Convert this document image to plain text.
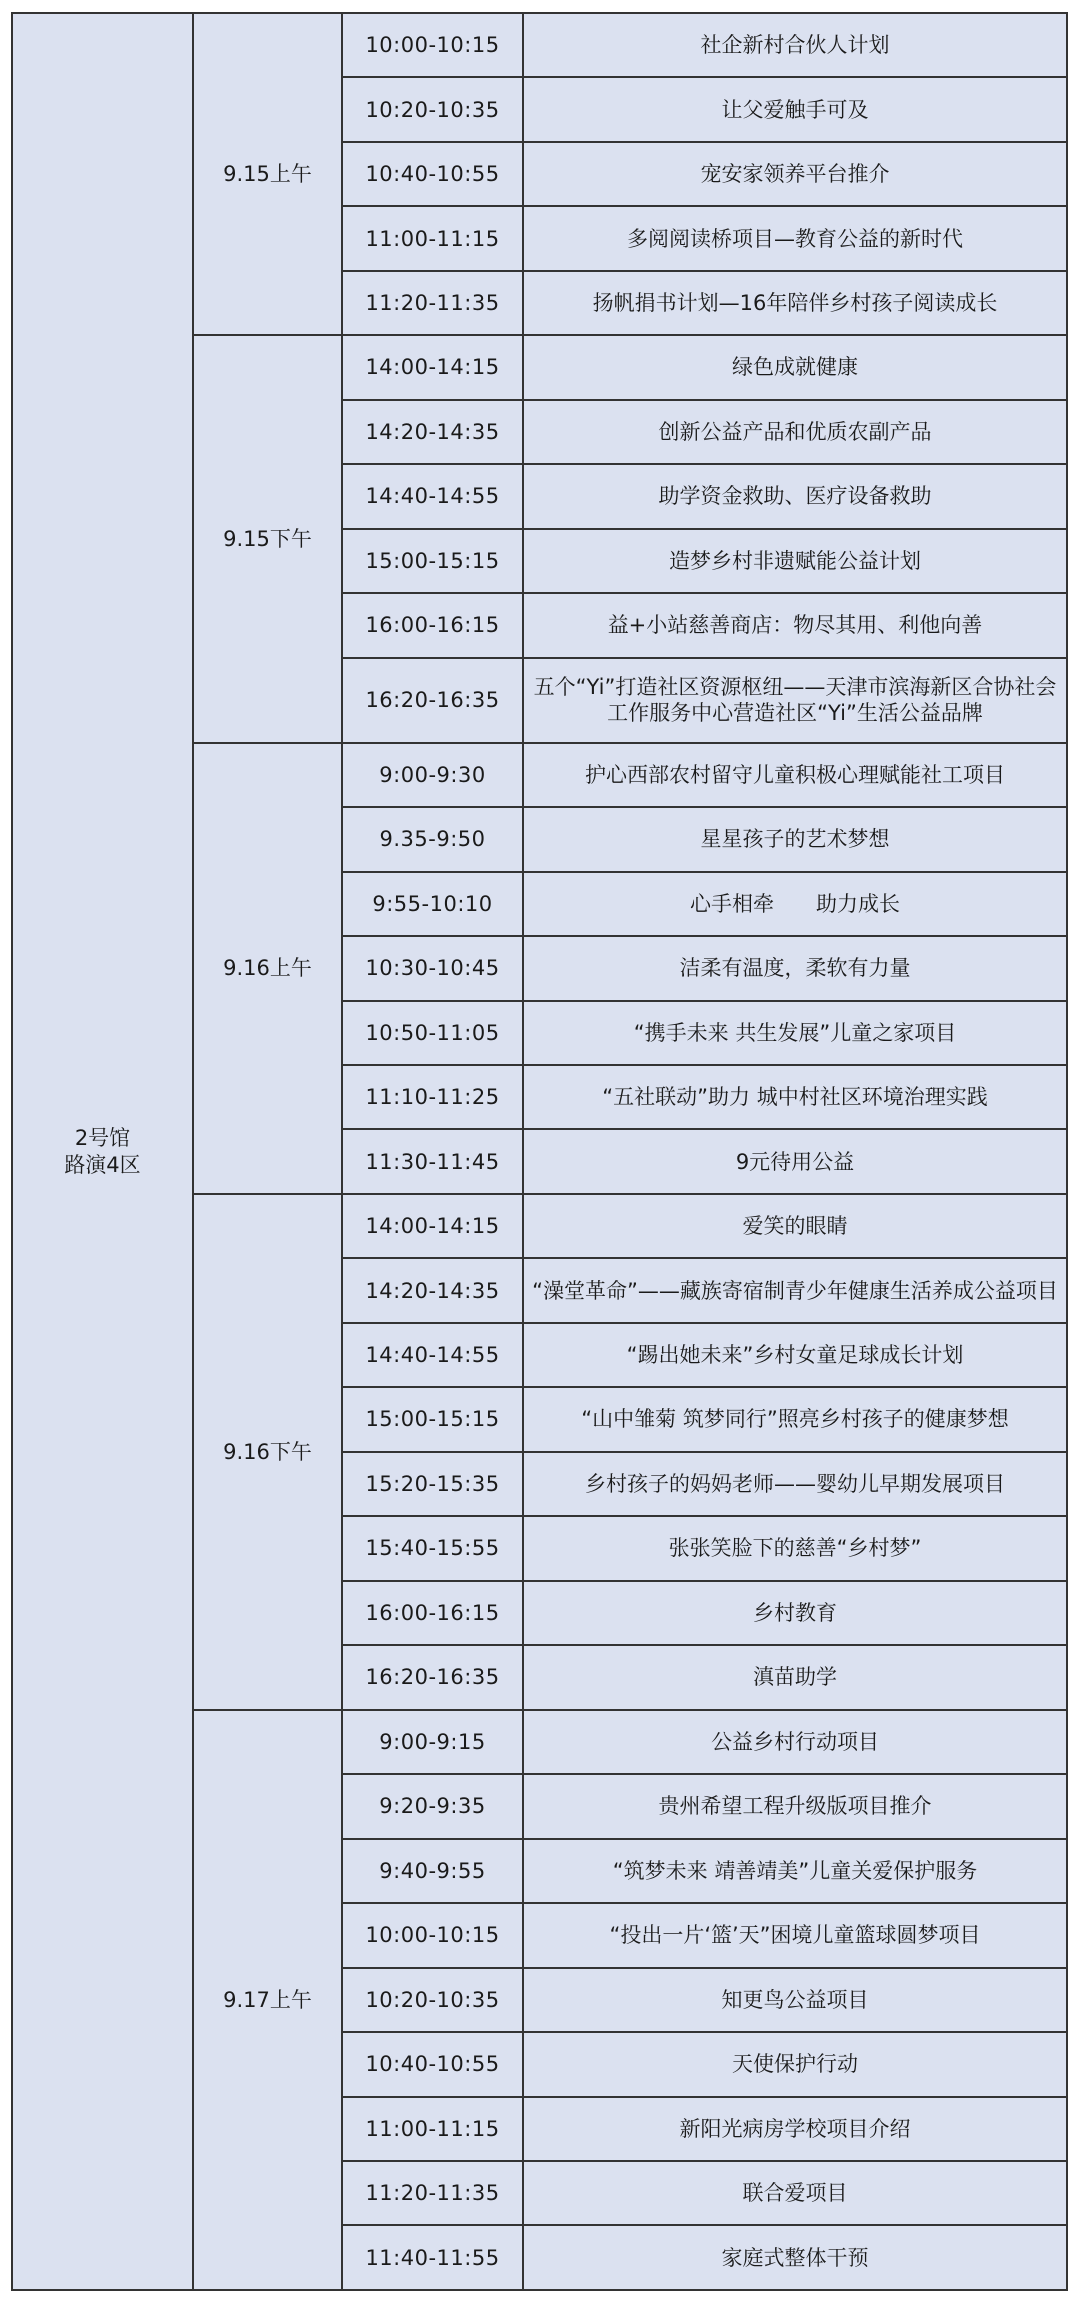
2号馆
路演4区	9.15上午	10:00-10:15	社企新村合伙人计划
		10:20-10:35	让父爱触手可及
		10:40-10:55	宠安家领养平台推介
		11:00-11:15	多阅阅读桥项目—教育公益的新时代
		11:20-11:35	扬帆捐书计划—16年陪伴乡村孩子阅读成长
	9.15下午	14:00-14:15	绿色成就健康
		14:20-14:35	创新公益产品和优质农副产品
		14:40-14:55	助学资金救助、医疗设备救助
		15:00-15:15	造梦乡村非遗赋能公益计划
		16:00-16:15	益+小站慈善商店：物尽其用、利他向善
		16:20-16:35	五个“Yi”打造社区资源枢纽——天津市滨海新区合协社会工作服务中心营造社区“Yi”生活公益品牌
	9.16上午	9:00-9:30	护心西部农村留守儿童积极心理赋能社工项目
		9.35-9:50	星星孩子的艺术梦想
		9:55-10:10	心手相牵　　助力成长
		10:30-10:45	洁柔有温度，柔软有力量
		10:50-11:05	“携手未来 共生发展”儿童之家项目
		11:10-11:25	“五社联动”助力 城中村社区环境治理实践
		11:30-11:45	9元待用公益
	9.16下午	14:00-14:15	爱笑的眼睛
		14:20-14:35	“澡堂革命”——藏族寄宿制青少年健康生活养成公益项目
		14:40-14:55	“踢出她未来”乡村女童足球成长计划
		15:00-15:15	“山中雏菊 筑梦同行”照亮乡村孩子的健康梦想
		15:20-15:35	乡村孩子的妈妈老师——婴幼儿早期发展项目
		15:40-15:55	张张笑脸下的慈善“乡村梦”
		16:00-16:15	乡村教育
		16:20-16:35	滇苗助学
	9.17上午	9:00-9:15	公益乡村行动项目
		9:20-9:35	贵州希望工程升级版项目推介
		9:40-9:55	“筑梦未来 靖善靖美”儿童关爱保护服务
		10:00-10:15	“投出一片‘篮’天”困境儿童篮球圆梦项目
		10:20-10:35	知更鸟公益项目
		10:40-10:55	天使保护行动
		11:00-11:15	新阳光病房学校项目介绍
		11:20-11:35	联合爱项目
		11:40-11:55	家庭式整体干预
